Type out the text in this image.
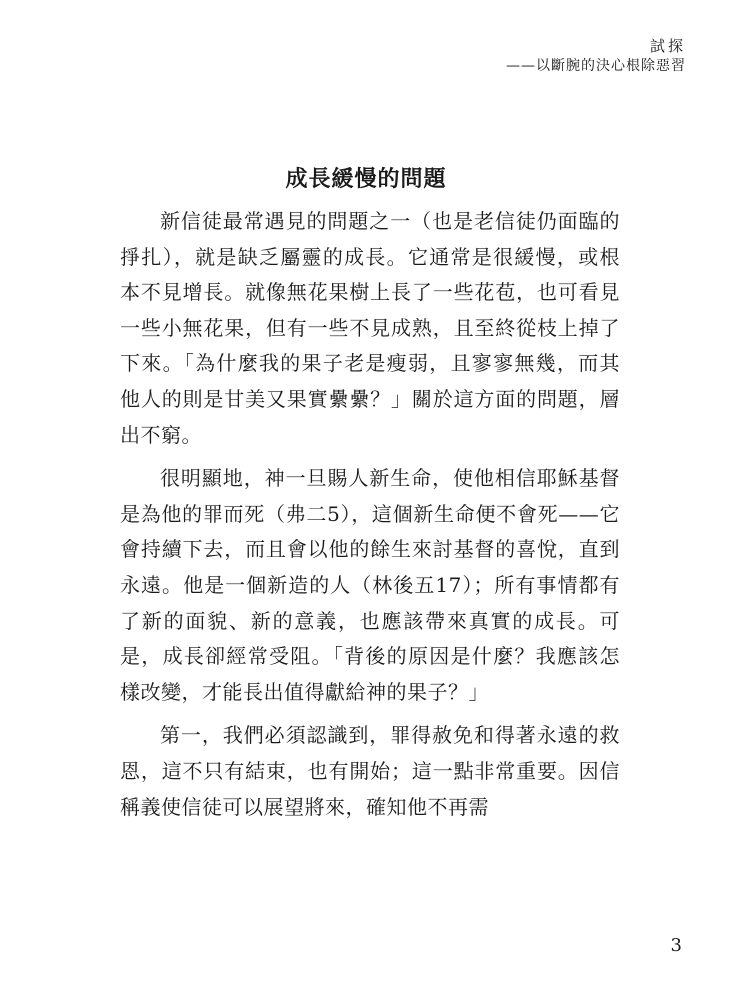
試探
——以斷腕的決心根除惡習
成長緩慢的問題

新信徒最常遇見的問題之一（也是老信徒仍面臨的掙扎），就是缺乏屬靈的成長。它通常是很緩慢，或根本不見增長。就像無花果樹上長了一些花苞，也可看見一些小無花果，但有一些不見成熟，且至終從枝上掉了下來。「為什麼我的果子老是瘦弱，且寥寥無幾，而其他人的則是甘美又果實纍纍？」關於這方面的問題，層出不窮。

很明顯地，神一旦賜人新生命，使他相信耶穌基督是為他的罪而死（弗二5），這個新生命便不會死——它會持續下去，而且會以他的餘生來討基督的喜悅，直到永遠。他是一個新造的人（林後五17）；所有事情都有了新的面貌、新的意義，也應該帶來真實的成長。可是，成長卻經常受阻。「背後的原因是什麼？我應該怎樣改變，才能長出值得獻給神的果子？」

第一，我們必須認識到，罪得赦免和得著永遠的救恩，這不只有結束，也有開始；這一點非常重要。因信稱義使信徒可以展望將來，確知他不再需

3
